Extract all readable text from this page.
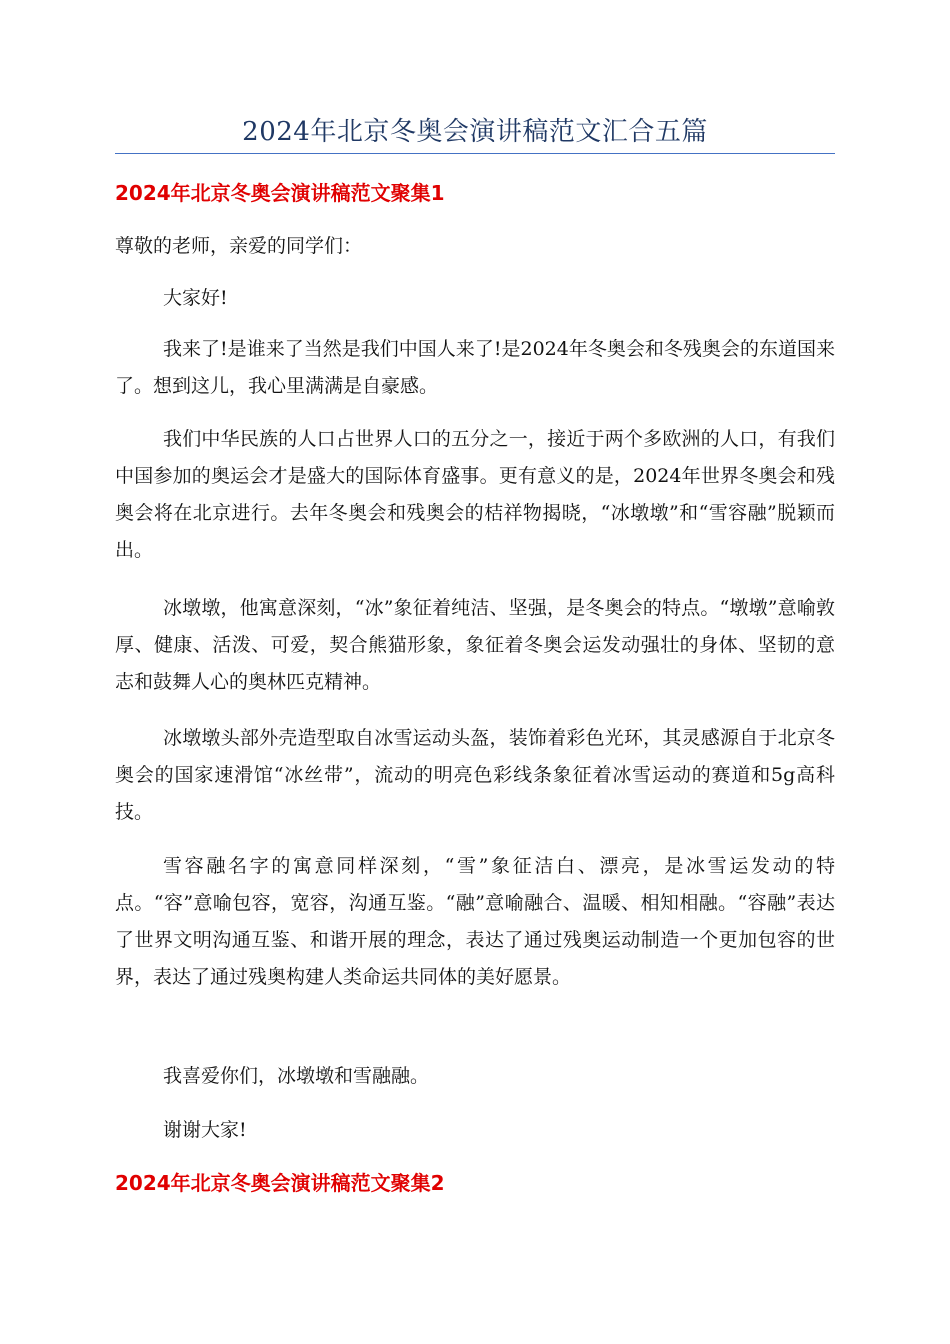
2024年北京冬奥会演讲稿范文汇合五篇
2024年北京冬奥会演讲稿范文聚集1
尊敬的老师，亲爱的同学们：

大家好!

我来了!是谁来了当然是我们中国人来了!是2024年冬奥会和冬残奥会的东道国来了。想到这儿，我心里满满是自豪感。

我们中华民族的人口占世界人口的五分之一，接近于两个多欧洲的人口，有我们中国参加的奥运会才是盛大的国际体育盛事。更有意义的是，2024年世界冬奥会和残奥会将在北京进行。去年冬奥会和残奥会的桔祥物揭晓，“冰墩墩”和“雪容融”脱颖而出。

冰墩墩，他寓意深刻，“冰”象征着纯洁、坚强，是冬奥会的特点。“墩墩”意喻敦厚、健康、活泼、可爱，契合熊猫形象，象征着冬奥会运发动强壮的身体、坚韧的意志和鼓舞人心的奥林匹克精神。

冰墩墩头部外壳造型取自冰雪运动头盔，装饰着彩色光环，其灵感源自于北京冬奥会的国家速滑馆“冰丝带”，流动的明亮色彩线条象征着冰雪运动的赛道和5g高科技。

雪容融名字的寓意同样深刻，“雪”象征洁白、漂亮，是冰雪运发动的特点。“容”意喻包容，宽容，沟通互鉴。“融”意喻融合、温暖、相知相融。“容融”表达了世界文明沟通互鉴、和谐开展的理念，表达了通过残奥运动制造一个更加包容的世界，表达了通过残奥构建人类命运共同体的美好愿景。

我喜爱你们，冰墩墩和雪融融。

谢谢大家!

2024年北京冬奥会演讲稿范文聚集2
